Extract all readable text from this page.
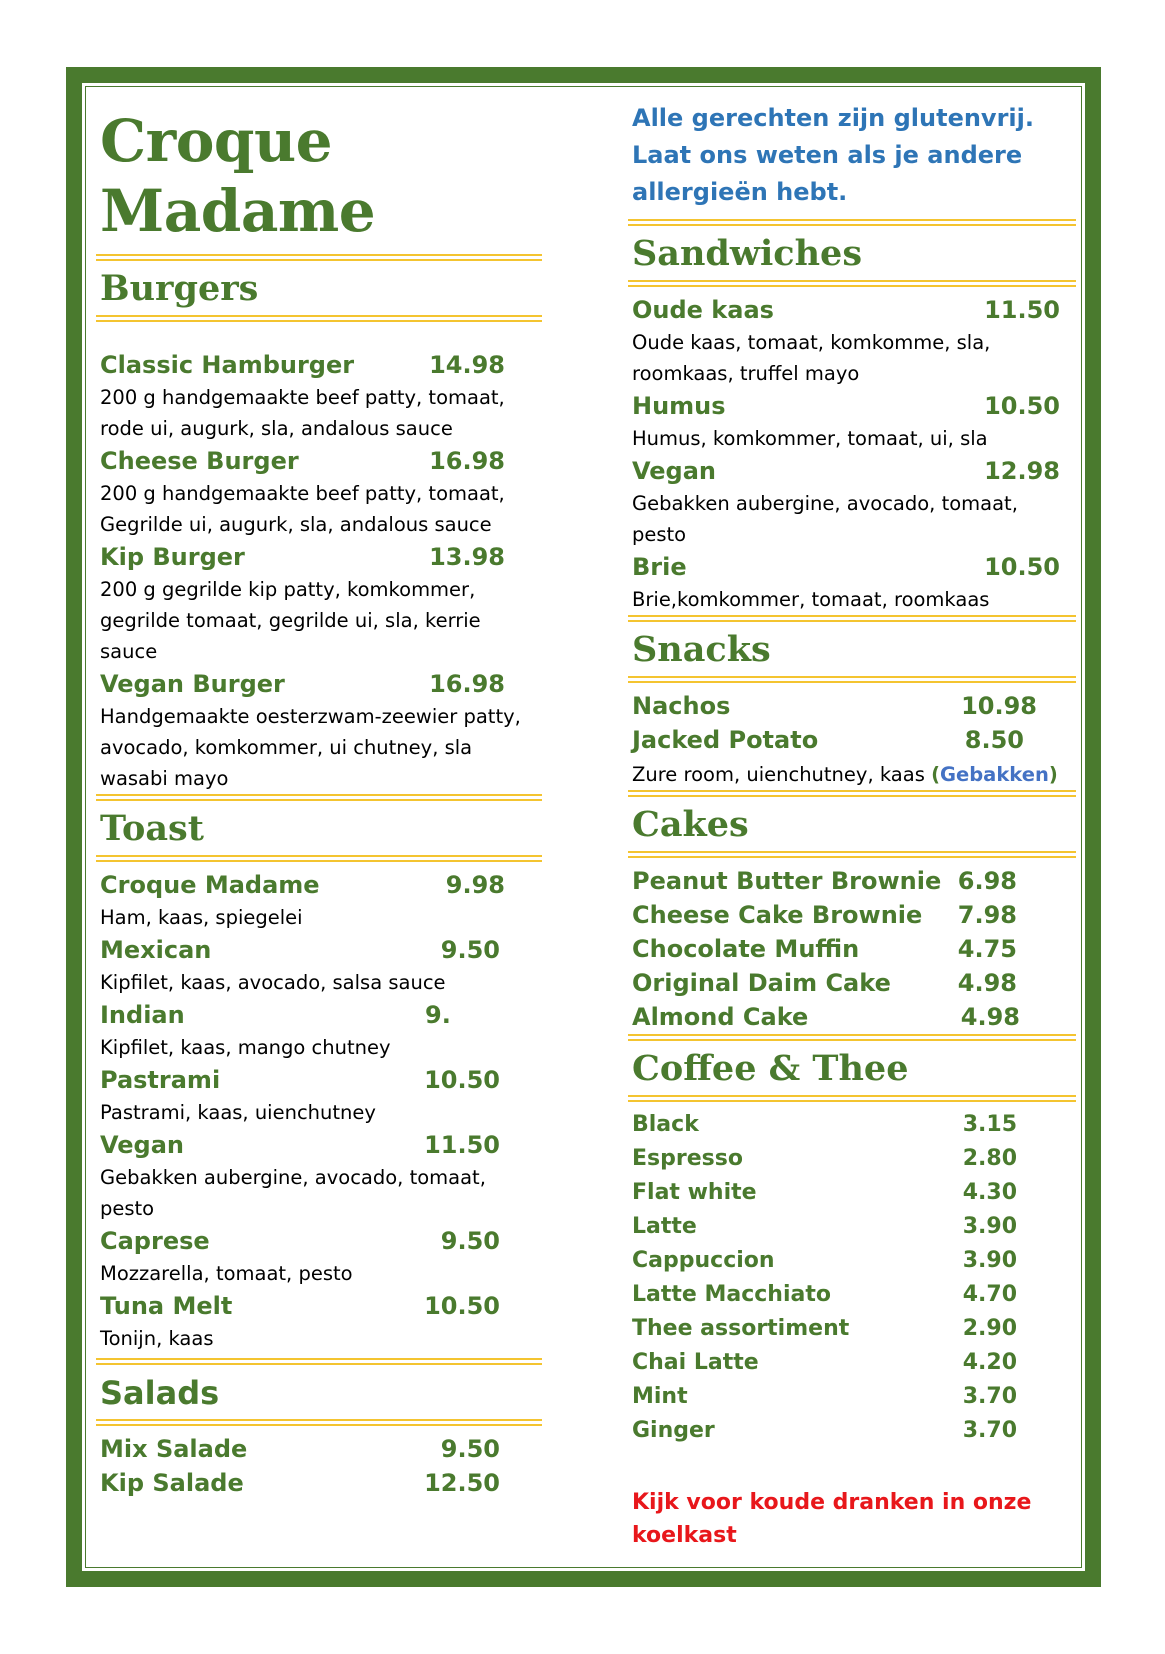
Croque
Madame
Burgers
Classic Hamburger	14.98
200 g handgemaakte beef patty, tomaat, rode ui, augurk, sla, andalous sauce
Cheese Burger	16.98
200 g handgemaakte beef patty, tomaat, Gegrilde ui, augurk, sla, andalous sauce
Kip Burger	13.98
200 g gegrilde kip patty, komkommer, gegrilde tomaat, gegrilde ui, sla, kerrie sauce
Vegan Burger	16.98
Handgemaakte oesterzwam-zeewier patty, avocado, komkommer, ui chutney, sla wasabi mayo
Toast
Croque Madame	9.98
Ham, kaas, spiegelei
Mexican	9.50
Kipfilet, kaas, avocado, salsa sauce
Indian	9.
Kipfilet, kaas, mango chutney
Pastrami	10.50
Pastrami, kaas, uienchutney
Vegan	11.50
Gebakken aubergine, avocado, tomaat, pesto
Caprese	9.50
Mozzarella, tomaat, pesto
Tuna Melt	10.50
Tonijn, kaas
Salads
Mix Salade	9.50
Kip Salade	12.50
Alle gerechten zijn glutenvrij. Laat ons weten als je andere allergieën hebt.
Sandwiches
Oude kaas	11.50
Oude kaas, tomaat, komkomme, sla, roomkaas, truffel mayo
Humus	10.50
Humus, komkommer, tomaat, ui, sla
Vegan	12.98
Gebakken aubergine, avocado, tomaat, pesto
Brie	10.50
Brie,komkommer, tomaat, roomkaas
Snacks
Nachos	10.98
Jacked Potato	8.50
Zure room, uienchutney, kaas (Gebakken)
Cakes
Peanut Butter Brownie 6.98
Cheese Cake Brownie 7.98
Chocolate Muffin	4.75
Original Daim Cake	4.98
Almond Cake	4.98
Coffee & Thee
Black	3.15
Espresso	2.80
Flat white	4.30
Latte	3.90
Cappuccion	3.90
Latte Macchiato	4.70
Thee assortiment	2.90
Chai Latte	4.20
Mint	3.70
Ginger	3.70
Kijk voor koude dranken in onze koelkast
